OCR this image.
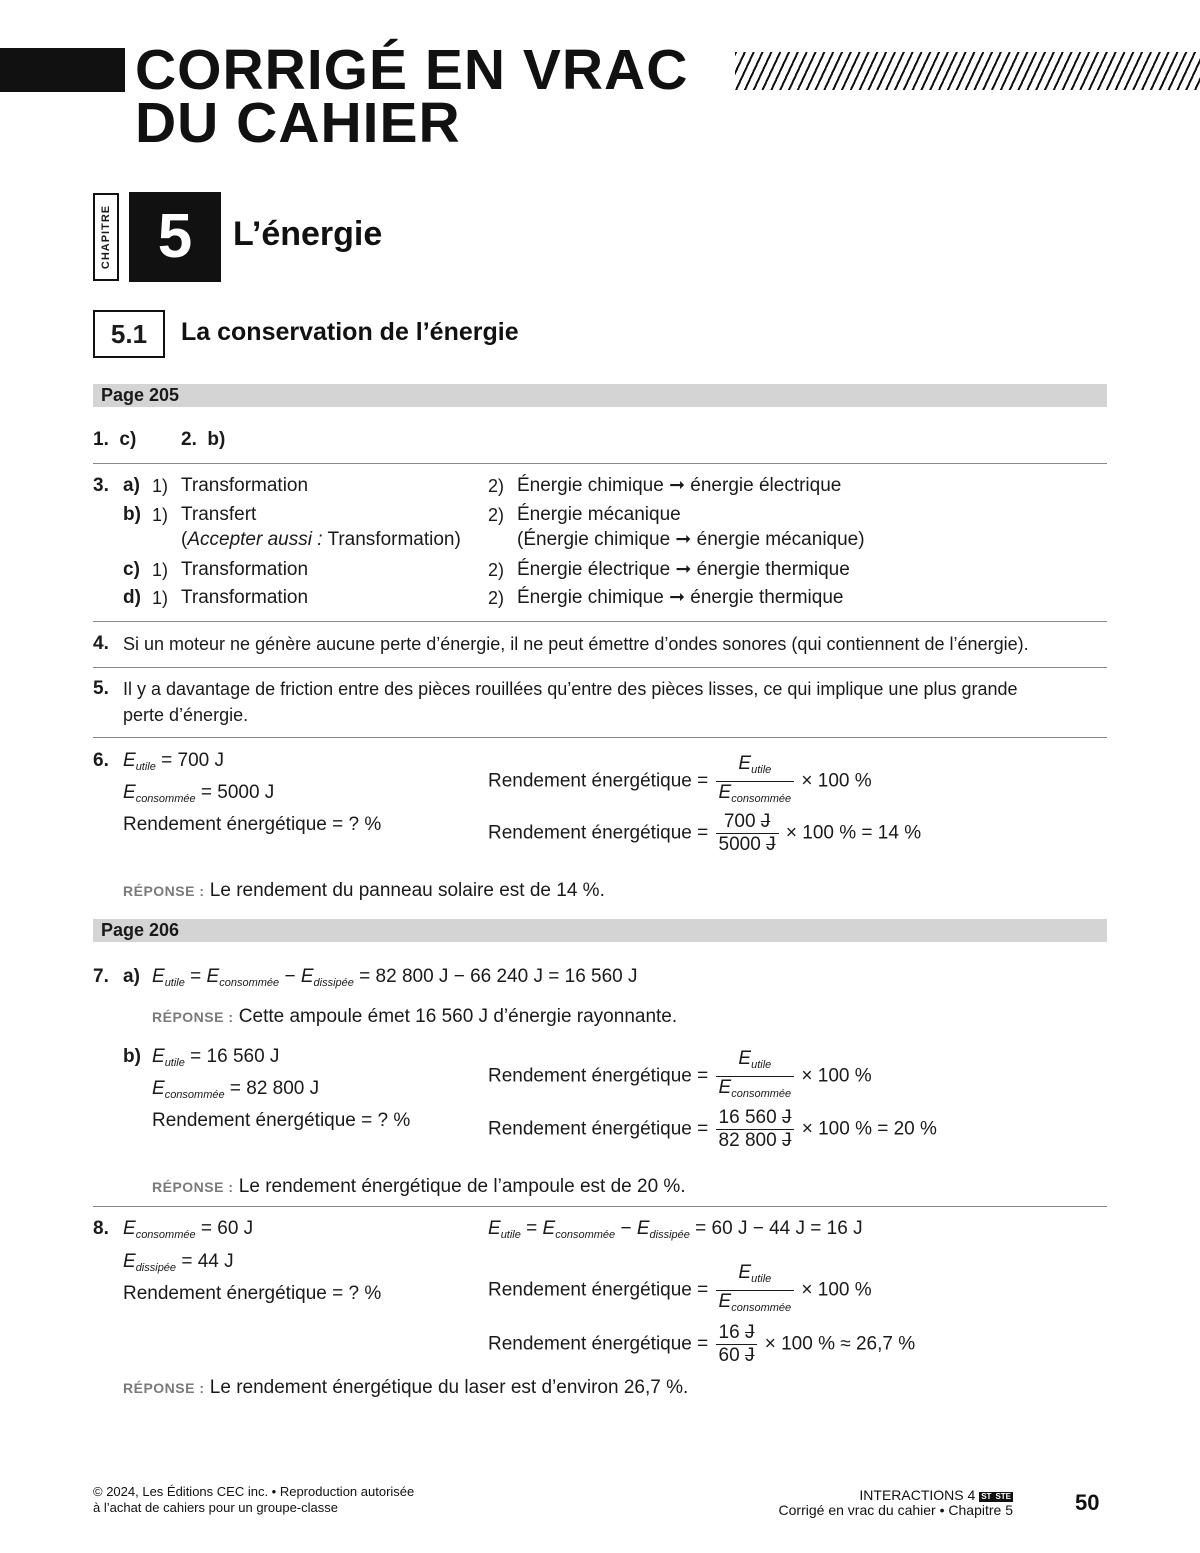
CORRIGÉ EN VRAC
DU CAHIER
CHAPITRE 5	L’énergie
5.1	La conservation de l’énergie
Page 205
1. c) 2. b)
3. a) 1) Transformation	2) Énergie chimique ➞ énergie électrique
b) 1) Transfert
(Accepter aussi : Transformation)
2) Énergie mécanique
(Énergie chimique ➞ énergie mécanique)
c) 1) Transformation	2) Énergie électrique ➞ énergie thermique
d) 1) Transformation	2) Énergie chimique ➞ énergie thermique
4. Si un moteur ne génère aucune perte d’énergie, il ne peut émettre d’ondes sonores (qui contiennent de l’énergie).
5. Il y a davantage de friction entre des pièces rouillées qu’entre des pièces lisses, ce qui implique une plus grande
perte d’énergie.
6. $E_{utile} = 700$ J
$E_{consommée} = 5000$ J
Rendement énergétique = ? %
Rendement énergétique = $\frac{E_{utile}}{E_{consommée}} \times 100$ %
Rendement énergétique = $\frac{700 J}{5000 J} \times 100$ % = 14 %
RÉPONSE : Le rendement du panneau solaire est de 14 %.
Page 206
7. a) $E_{utile} = E_{consommée} - E_{dissipée} = 82$ 800 J − 66 240 J = 16 560 J
RÉPONSE : Cette ampoule émet 16 560 J d’énergie rayonnante.
b) $E_{utile} = 16$ 560 J
$E_{consommée} = 82$ 800 J
Rendement énergétique = ? %
Rendement énergétique = $\frac{E_{utile}}{E_{consommée}} \times 100$ %
Rendement énergétique = $\frac{16 560 J}{82 800 J} \times 100$ % = 20 %
RÉPONSE : Le rendement énergétique de l’ampoule est de 20 %.
8. $E_{consommée} = 60$ J
$E_{dissipée} = 44$ J
Rendement énergétique = ? %
$E_{utile} = E_{consommée} - E_{dissipée} = 60$ J − 44 J = 16 J
Rendement énergétique = $\frac{E_{utile}}{E_{consommée}} \times 100$ %
Rendement énergétique = $\frac{16 J}{60 J} \times 100$ % ≈ 26,7 %
RÉPONSE : Le rendement énergétique du laser est d’environ 26,7 %.
© 2024, Les Éditions CEC inc. • Reproduction autorisée
à l’achat de cahiers pour un groupe-classe
INTERACTIONS 4 ST STE
Corrigé en vrac du cahier • Chapitre 5	50
